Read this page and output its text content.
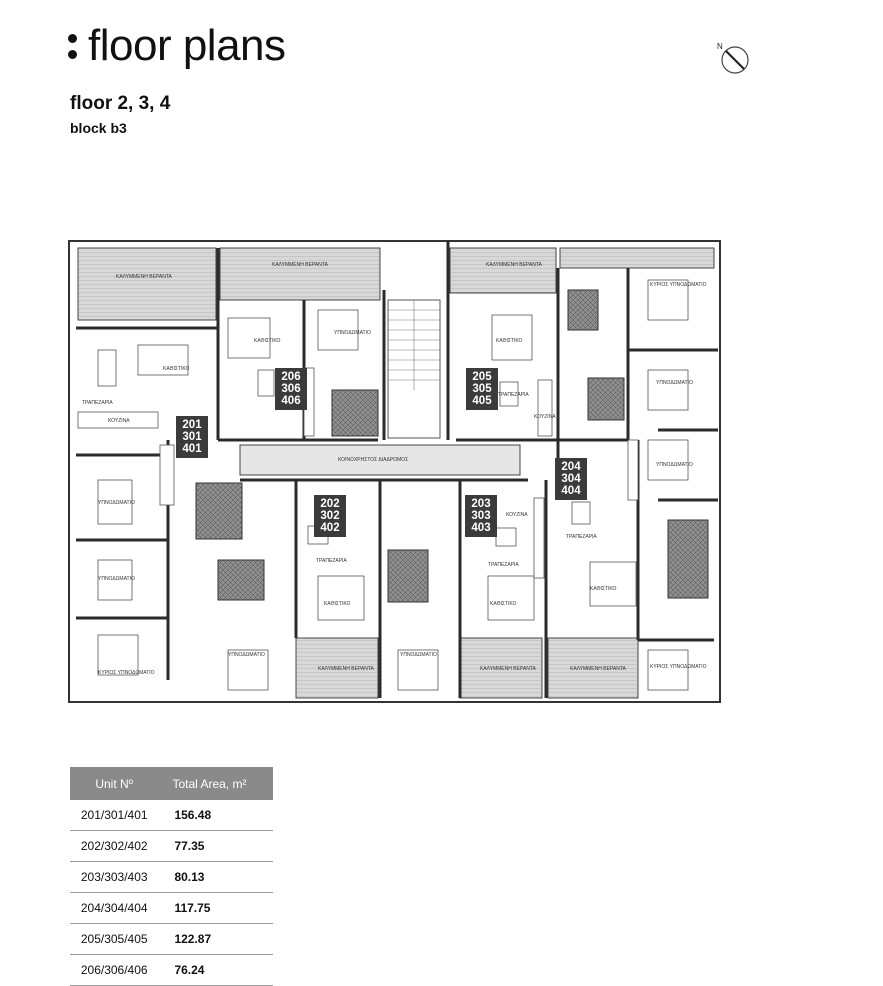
floor plans	N
floor 2, 3, 4
block b3
ΚΑΛΥΜΜΕΝΗ ΒΕΡΑΝΤΑ
ΚΑΛΥΜΜΕΝΗ ΒΕΡΑΝΤΑ	ΚΑΛΥΜΜΕΝΗ ΒΕΡΑΝΤΑ
ΚΑΛΥΜΜΕΝΗ ΒΕΡΑΝΤΑ	ΚΑΛΥΜΜΕΝΗ ΒΕΡΑΝΤΑ	ΚΑΛΥΜΜΕΝΗ ΒΕΡΑΝΤΑ
ΚΑΘΙΣΤΙΚΟ
ΚΑΘΙΣΤΙΚΟ	ΚΑΘΙΣΤΙΚΟ
ΚΑΘΙΣΤΙΚΟ	ΚΑΘΙΣΤΙΚΟ
ΚΑΘΙΣΤΙΚΟ
ΚΟΥΖΙΝΑ
ΚΟΥΖΙΝΑ
ΚΟΥΖΙΝΑ
ΤΡΑΠΕΖΑΡΙΑ
ΤΡΑΠΕΖΑΡΙΑ
ΤΡΑΠΕΖΑΡΙΑ
ΤΡΑΠΕΖΑΡΙΑ
ΤΡΑΠΕΖΑΡΙΑ
ΥΠΝΟΔΩΜΑΤΙΟ
ΥΠΝΟΔΩΜΑΤΙΟ
ΥΠΝΟΔΩΜΑΤΙΟ
ΥΠΝΟΔΩΜΑΤΙΟ
ΥΠΝΟΔΩΜΑΤΙΟ
ΥΠΝΟΔΩΜΑΤΙΟ	ΥΠΝΟΔΩΜΑΤΙΟ
ΚΥΡΙΟΣ ΥΠΝΟΔΩΜΑΤΙΟ
ΚΥΡΙΟΣ ΥΠΝΟΔΩΜΑΤΙΟ
ΚΥΡΙΟΣ ΥΠΝΟΔΩΜΑΤΙΟ
ΚΟΙΝΟΧΡΗΣΤΟΣ ΔΙΑΔΡΟΜΟΣ
201
301
401
202
302
402
203
303
403
204
304
404
205
305
405
206
306
406
Unit Nº	Total Area, m²
201/301/401	156.48
202/302/402	77.35
203/303/403	80.13
204/304/404	117.75
205/305/405	122.87
206/306/406	76.24
